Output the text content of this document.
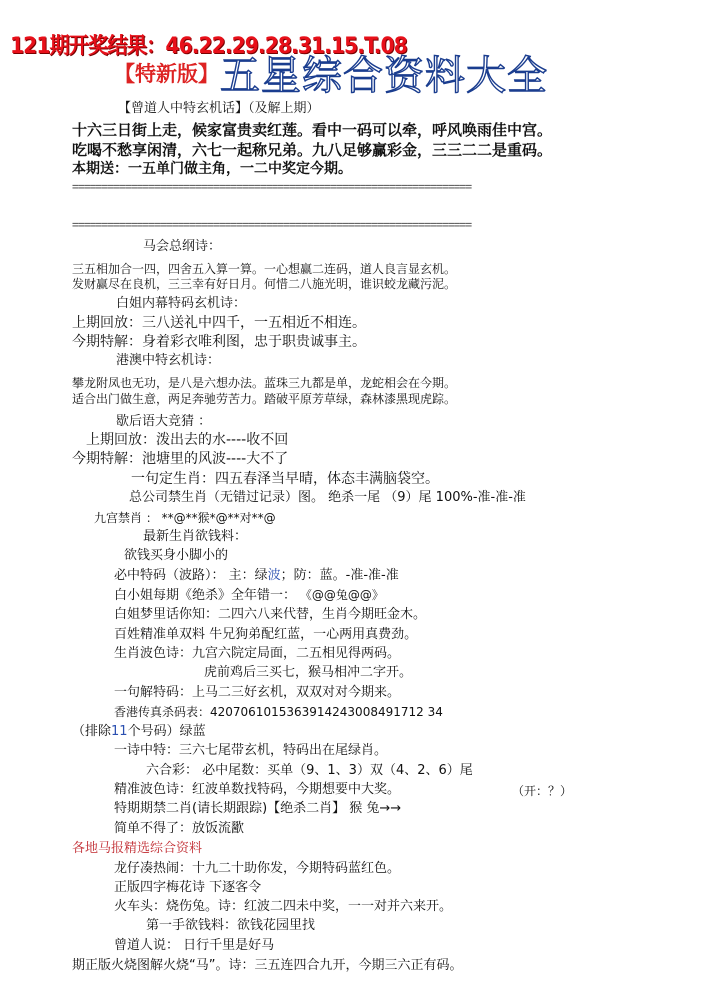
121期开奖结果：46.22.29.28.31.15.T.08
【特新版】 五星综合资料大全
【曾道人中特玄机话】（及解上期）
十六三日街上走，候家富贵卖红莲。看中一码可以牵，呼风唤雨佳中宫。
吃喝不愁享闲清，六七一起称兄弟。九八足够赢彩金，三三二二是重码。
本期送：一五单门做主角，一二中奖定今期。
====================================================================
====================================================================
马会总纲诗：
三五相加合一四，四舍五入算一算。一心想赢二连码，道人良言显玄机。
发财赢尽在良机，三三幸有好日月。何惜二八施光明，谁识蛟龙藏污泥。
白姐内幕特码玄机诗：
上期回放：三八送礼中四千，一五相近不相连。
今期特解：身着彩衣唯利图，忠于职贵诚事主。
港澳中特玄机诗：
攀龙附凤也无功，是八是六想办法。蓝珠三九都是单，龙蛇相会在今期。
适合出门做生意，两足奔驰劳苦力。踏破平原芳草绿，森林漆黑现虎踪。
歇后语大竞猜 ：
上期回放：泼出去的水----收不回
今期特解：池塘里的风波----大不了
一句定生肖：四五春泽当早晴，体态丰满脑袋空。
总公司禁生肖（无错过记录）图。 绝杀一尾 （9）尾 100%-准-准-准
九宫禁肖 ： **@**猴*@**对**@
最新生肖欲钱料：
欲钱买身小脚小的
必中特码（波路）： 主：绿波；防：蓝。-准-准-准
白小姐每期《绝杀》全年错一： 《@@兔@@》
白姐梦里话你知：二四六八来代替，生肖今期旺金木。
百姓精准单双料 牛兄狗弟配红蓝，一心两用真费劲。
生肖波色诗：九宫六院定局面，二五相见得两码。
虎前鸡后三买七，猴马相冲二字开。
一句解特码：上马二三好玄机，双双对对今期来。
香港传真杀码表：4207061015363914243008491712 34
（排除11个号码）绿蓝
一诗中特：三六七尾带玄机，特码出在尾绿肖。
六合彩： 必中尾数：买单（9、1、3）双（4、2、6）尾
精准波色诗：红波单数找特码，今期想要中大奖。	（开：？）
特期期禁二肖(请长期跟踪)【绝杀二肖】 猴 兔→→
简单不得了：放饭流歠
各地马报精选综合资料
龙仔凑热闹：十九二十助你发，今期特码蓝红色。
正版四字梅花诗 下逐客令
火车头：烧伤兔。诗：红波二四未中奖，一一对并六来开。
第一手欲钱料：欲钱花园里找
曾道人说： 日行千里是好马
期正版火烧图解火烧“马”。诗：三五连四合九开，今期三六正有码。
